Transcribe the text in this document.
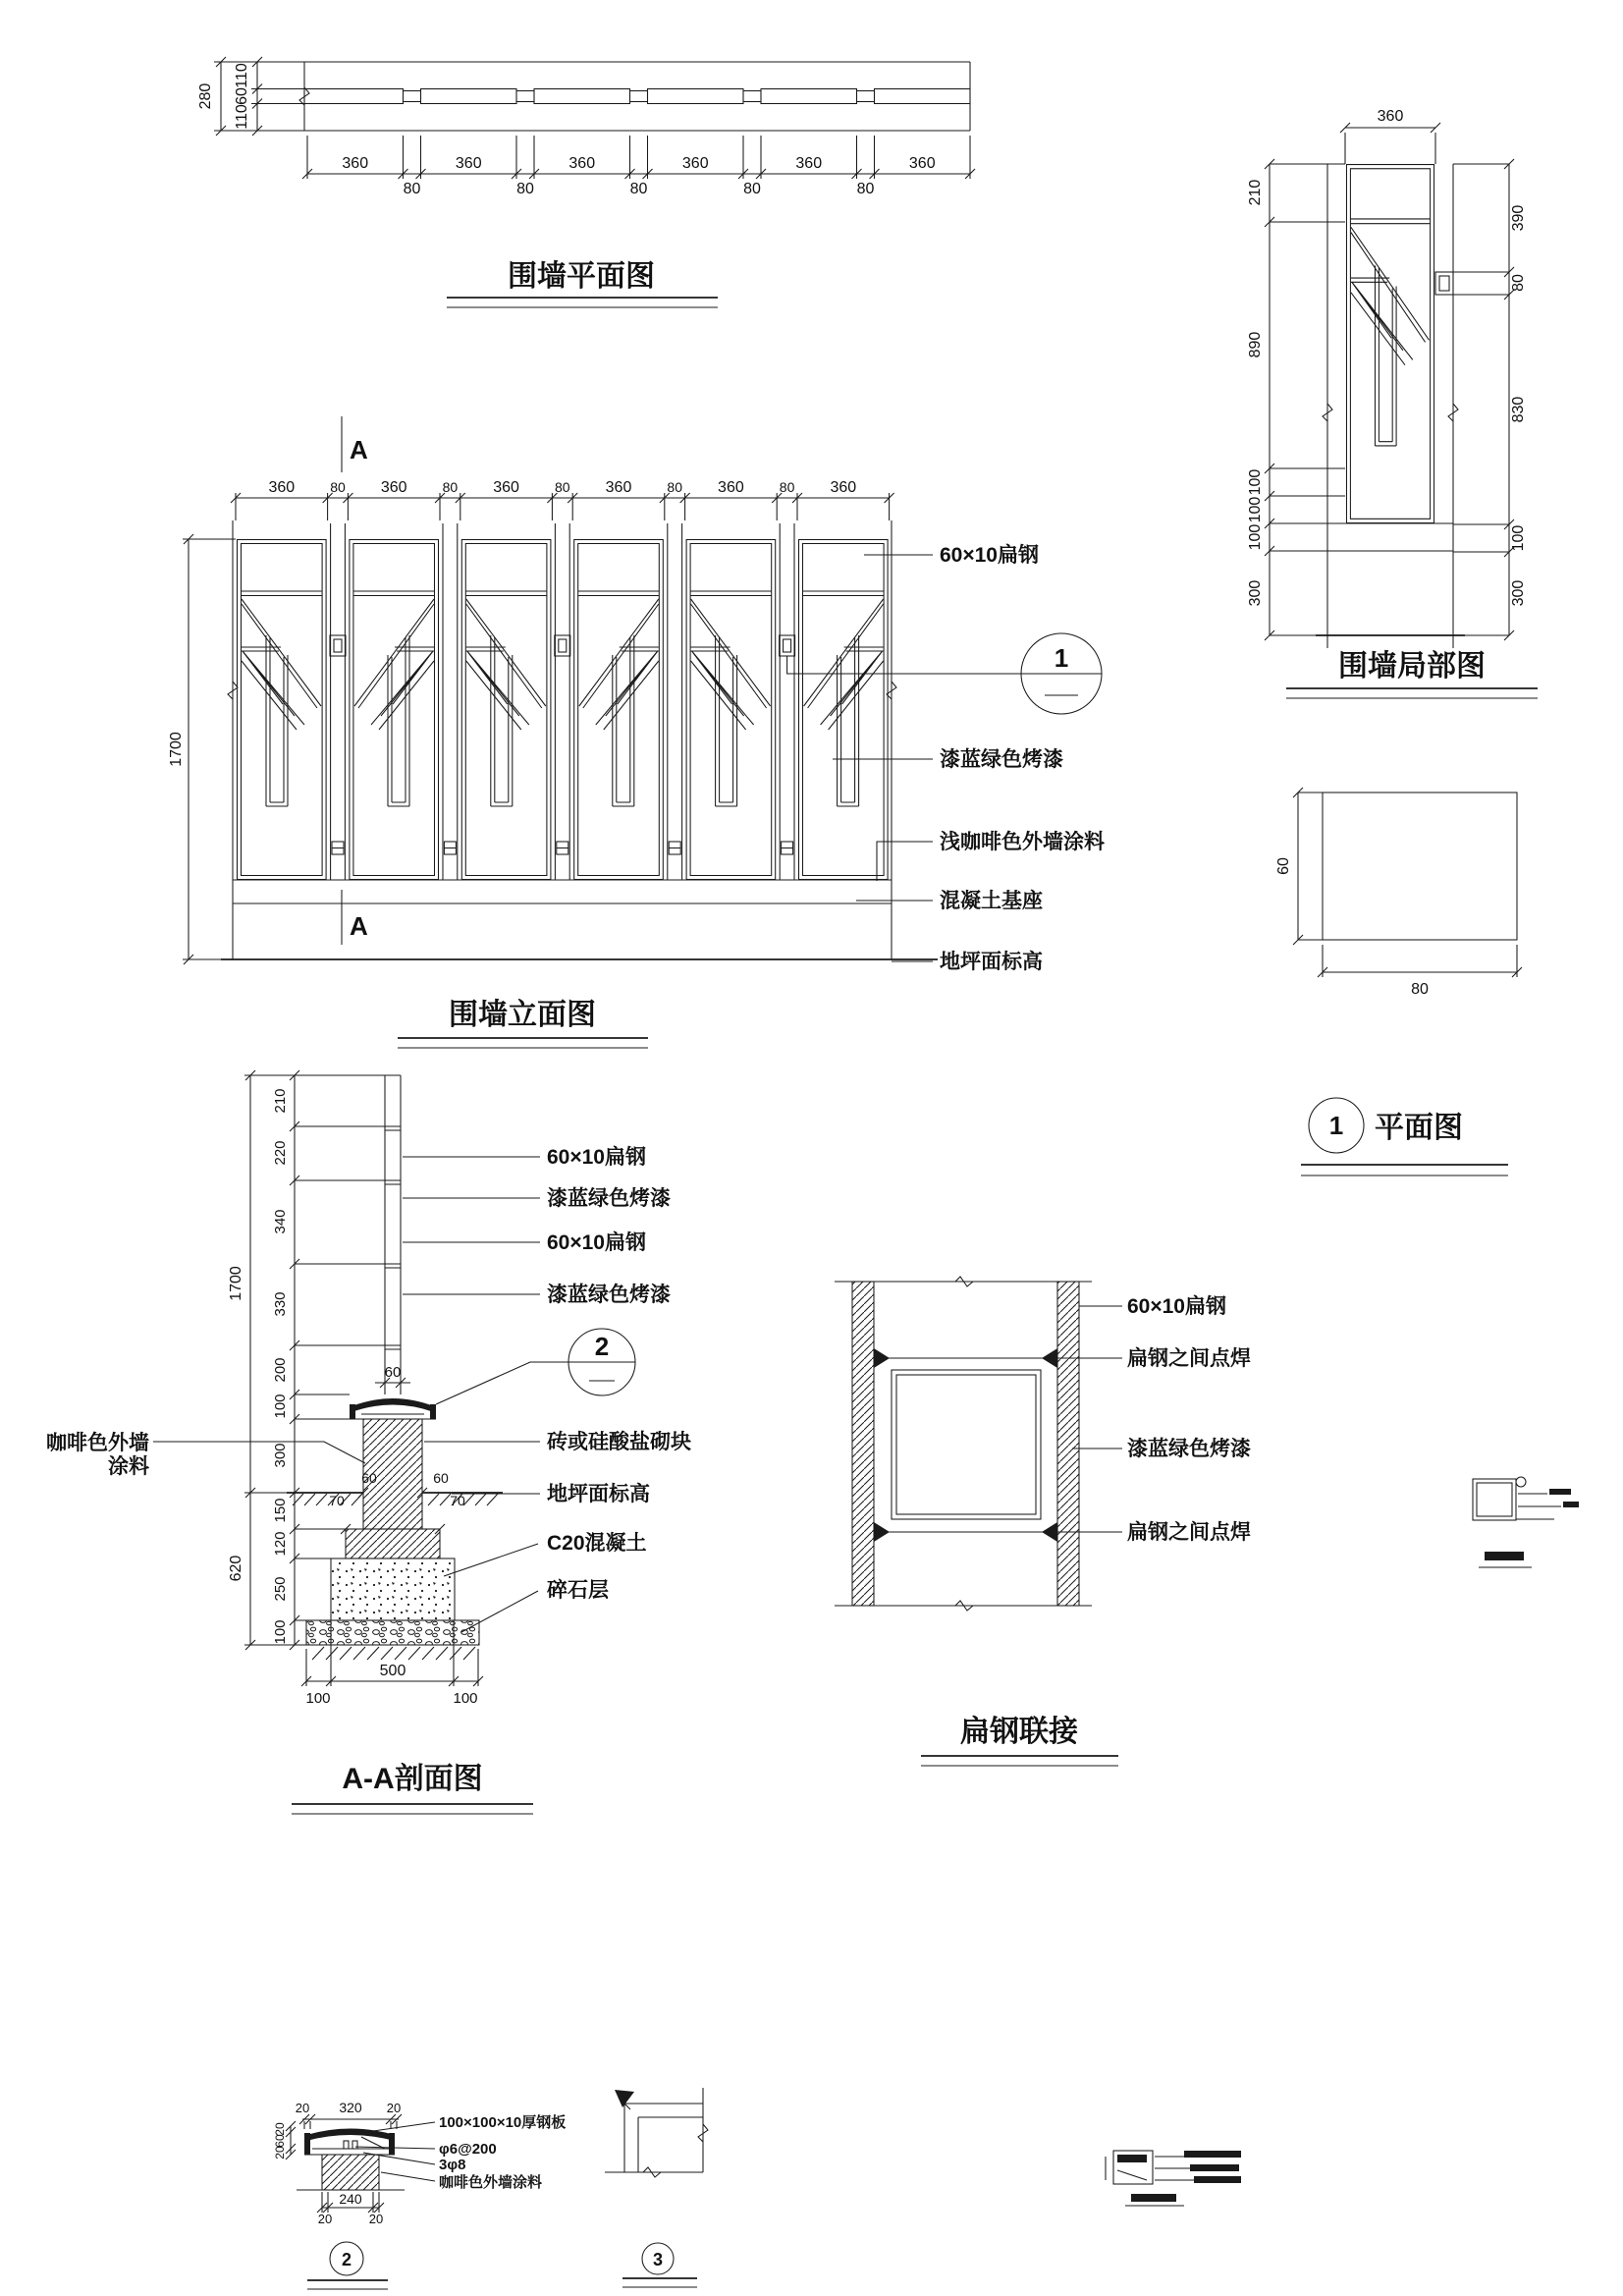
360	360	360	360	360	360
80	80	80	80	80
110
60
110
280
围墙平面图
360	80 360	80 360	80 360	80 360	80 360
1700
A
A
1
60×10扁钢
漆蓝绿色烤漆
浅咖啡色外墙涂料
混凝土基座
地坪面标高
围墙立面图
360
210
890
100
100
100
300
390
80
830
100
300
围墙局部图
60
80
1 平面图
210
220
340
330
200
100
300
150
120
250
100
1700
620
60
60	60
70	70
100
500
100
2
60×10扁钢
漆蓝绿色烤漆
60×10扁钢
漆蓝绿色烤漆
砖或硅酸盐砌块
地坪面标高
C20混凝土
碎石层
咖啡色外墙
涂料
A-A剖面图
60×10扁钢
扁钢之间点焊
漆蓝绿色烤漆
扁钢之间点焊
扁钢联接
20 320 20
20
60
20
240
20	20
100×100×10厚钢板
φ6@200
3φ8
咖啡色外墙涂料
2	3
